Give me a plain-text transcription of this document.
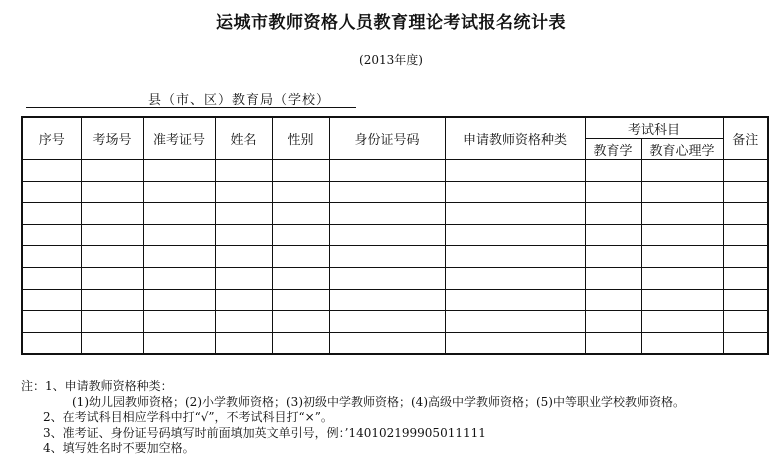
运城市教师资格人员教育理论考试报名统计表
(2013年度)
县（市、区）教育局（学校）
序号	考场号	准考证号	姓名	性别	身份证号码	申请教师资格种类	考试科目		备注
							教育学	教育心理学	

注：1、申请教师资格种类：
(1)幼儿园教师资格；(2)小学教师资格；(3)初级中学教师资格；(4)高级中学教师资格；(5)中等职业学校教师资格。
2、在考试科目相应学科中打“√”，不考试科目打“×”。
3、准考证、身份证号码填写时前面填加英文单引号，例：’140102199905011111
4、填写姓名时不要加空格。
